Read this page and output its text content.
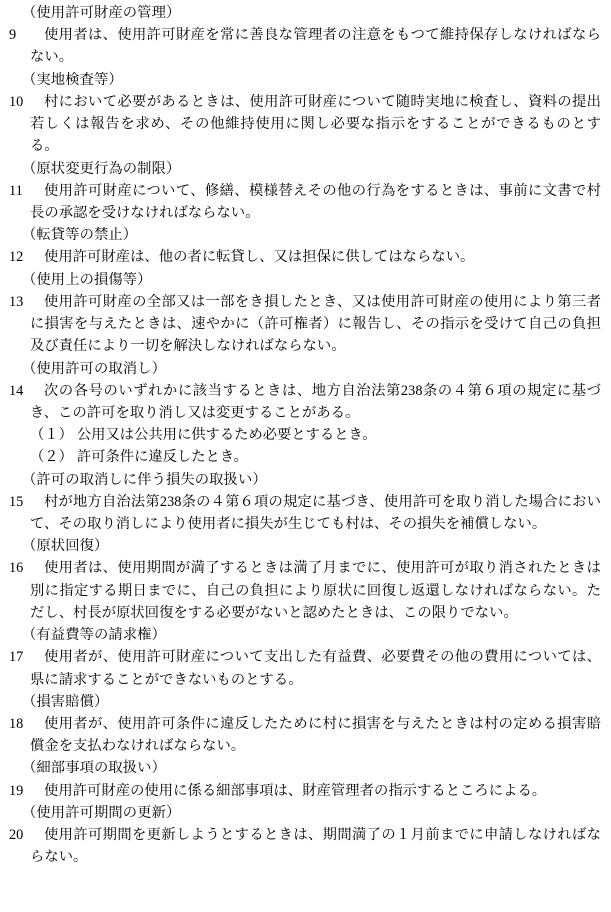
（使用許可財産の管理）

9	使用者は、使用許可財産を常に善良な管理者の注意をもつて維持保存しなければならない。

（実地検査等）

10	村において必要があるときは、使用許可財産について随時実地に検査し、資料の提出若しくは報告を求め、その他維持使用に関し必要な指示をすることができるものとする。

（原状変更行為の制限）

11	使用許可財産について、修繕、模様替えその他の行為をするときは、事前に文書で村長の承認を受けなければならない。

（転貸等の禁止）

12	使用許可財産は、他の者に転貸し、又は担保に供してはならない。

（使用上の損傷等）

13	使用許可財産の全部又は一部をき損したとき、又は使用許可財産の使用により第三者に損害を与えたときは、速やかに（許可権者）に報告し、その指示を受けて自己の負担及び責任により一切を解決しなければならない。

（使用許可の取消し）

14	次の各号のいずれかに該当するときは、地方自治法第238条の４第６項の規定に基づき、この許可を取り消し又は変更することがある。

（１） 公用又は公共用に供するため必要とするとき。

（２） 許可条件に違反したとき。

（許可の取消しに伴う損失の取扱い）

15	村が地方自治法第238条の４第６項の規定に基づき、使用許可を取り消した場合において、その取り消しにより使用者に損失が生じても村は、その損失を補償しない。

（原状回復）

16	使用者は、使用期間が満了するときは満了月までに、使用許可が取り消されたときは別に指定する期日までに、自己の負担により原状に回復し返還しなければならない。ただし、村長が原状回復をする必要がないと認めたときは、この限りでない。

（有益費等の請求権）

17	使用者が、使用許可財産について支出した有益費、必要費その他の費用については、県に請求することができないものとする。

（損害賠償）

18	使用者が、使用許可条件に違反したために村に損害を与えたときは村の定める損害賠償金を支払わなければならない。

（細部事項の取扱い）

19	使用許可財産の使用に係る細部事項は、財産管理者の指示するところによる。

（使用許可期間の更新）

20	使用許可期間を更新しようとするときは、期間満了の１月前までに申請しなければならない。
